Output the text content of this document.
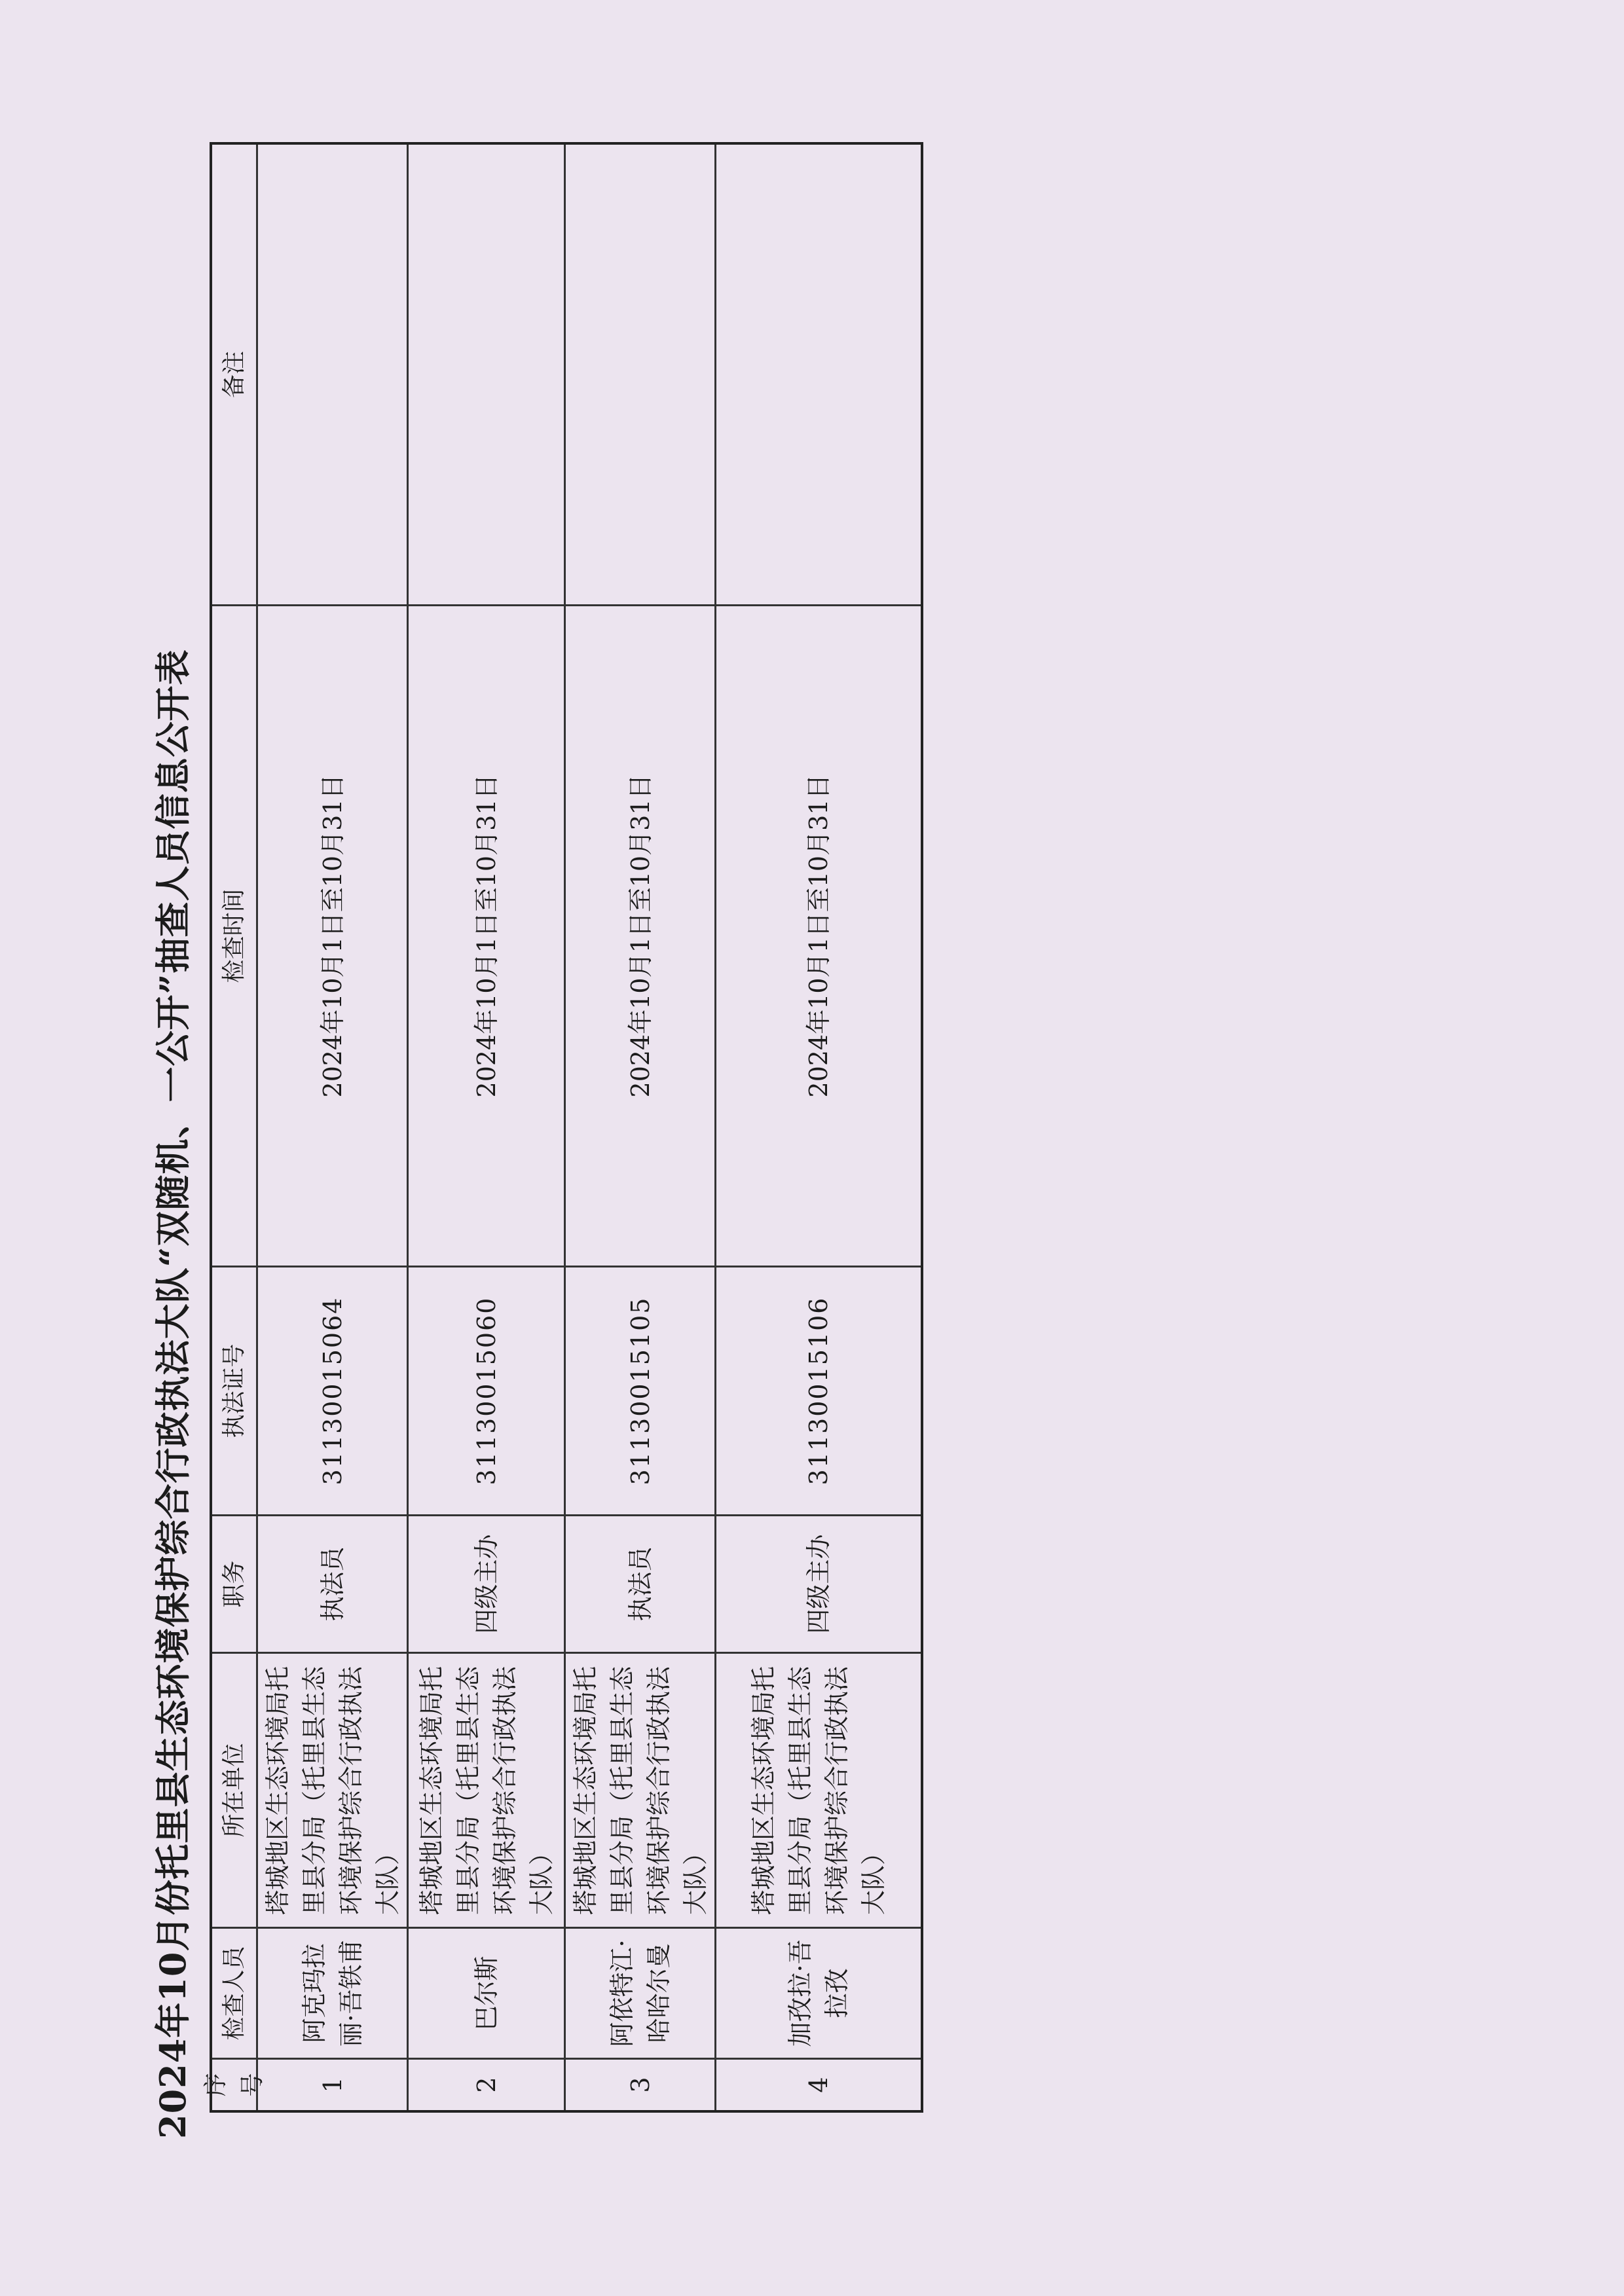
2024年10月份托里县生态环境保护综合行政执法大队“双随机、一公开”抽查人员信息公开表 序号
检查人员
所在单位
职务
执法证号
检查时间
备注
1
阿克玛拉丽·吾铁甫
塔城地区生态环境局托里县分局（托里县生态环境保护综合行政执法大队）
执法员
31130015064
2024年10月1日至10月31日
2
巴尔斯
塔城地区生态环境局托里县分局（托里县生态环境保护综合行政执法大队）
四级主办
31130015060
2024年10月1日至10月31日
3
阿依特江·哈哈尔曼
塔城地区生态环境局托里县分局（托里县生态环境保护综合行政执法大队）
执法员
31130015105
2024年10月1日至10月31日
4
加孜拉·吾拉孜
塔城地区生态环境局托里县分局（托里县生态环境保护综合行政执法大队）
四级主办
31130015106
2024年10月1日至10月31日
